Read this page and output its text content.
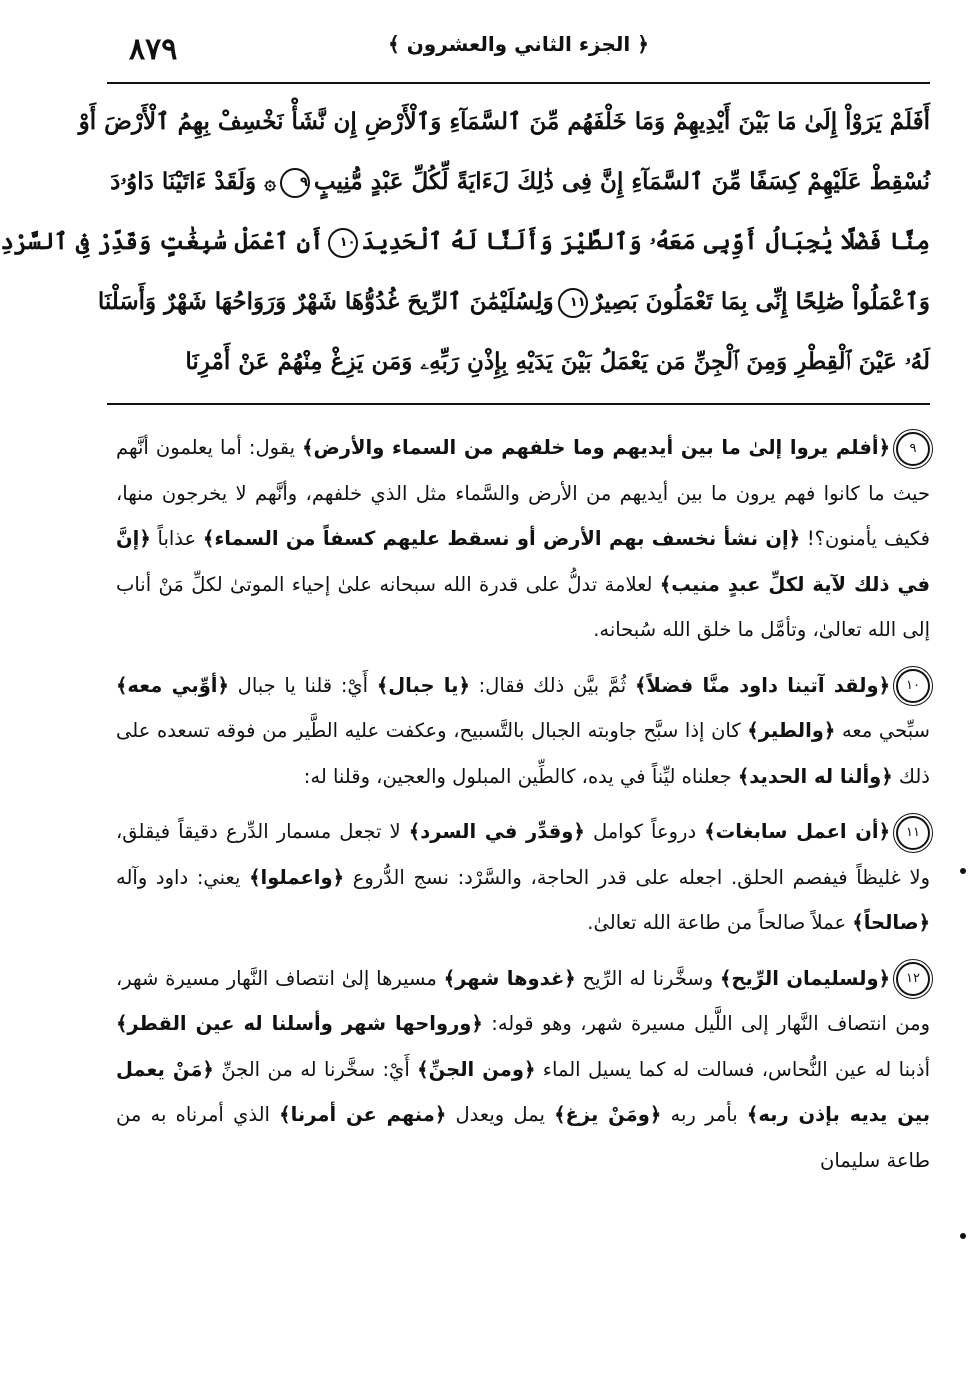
٨٧٩	﴿ الجزء الثاني والعشرون ﴾
أَفَلَمْ يَرَوْاْ إِلَىٰ مَا بَيْنَ أَيْدِيهِمْ وَمَا خَلْفَهُم مِّنَ ٱلسَّمَآءِ وَٱلْأَرْضِ إِن نَّشَأْ نَخْسِفْ بِهِمُ ٱلْأَرْضَ أَوْ
نُسْقِطْ عَلَيْهِمْ كِسَفًا مِّنَ ٱلسَّمَآءِ إِنَّ فِى ذَٰلِكَ لَءَايَةً لِّكُلِّ عَبْدٍ مُّنِيبٍ٩۞ وَلَقَدْ ءَاتَيْنَا دَاوُۥدَ
مِنَّا فَضْلًا يَٰجِبَالُ أَوِّبِى مَعَهُۥ وَٱلطَّيْرَ وَأَلَنَّا لَهُ ٱلْحَدِيدَ١٠أَنِ ٱعْمَلْ سَٰبِغَٰتٍ وَقَدِّرْ فِى ٱلسَّرْدِ
وَٱعْمَلُواْ صَٰلِحًا إِنِّى بِمَا تَعْمَلُونَ بَصِيرٌ١١وَلِسُلَيْمَٰنَ ٱلرِّيحَ غُدُوُّهَا شَهْرٌ وَرَوَاحُهَا شَهْرٌ وَأَسَلْنَا
لَهُۥ عَيْنَ ٱلْقِطْرِ وَمِنَ ٱلْجِنِّ مَن يَعْمَلُ بَيْنَ يَدَيْهِ بِإِذْنِ رَبِّهِۦ وَمَن يَزِغْ مِنْهُمْ عَنْ أَمْرِنَا

٩﴿أفلم يروا إلىٰ ما بين أيديهم وما خلفهم من السماء والأرض﴾ يقول: أما يعلمون أنَّهم حيث ما كانوا فهم يرون ما بين أيديهم من الأرض والسَّماء مثل الذي خلفهم، وأنَّهم لا يخرجون منها، فكيف يأمنون؟! ﴿إن نشأ نخسف بهم الأرض أو نسقط عليهم كسفاً من السماء﴾ عذاباً ﴿إنَّ في ذلك لآية لكلِّ عبدٍ منيب﴾ لعلامة تدلُّ على قدرة الله سبحانه علىٰ إحياء الموتىٰ لكلِّ مَنْ أناب إلى الله تعالىٰ، وتأمَّل ما خلق الله سُبحانه.

١٠﴿ولقد آتينا داود منَّا فضلاً﴾ ثُمَّ بيَّن ذلك فقال: ﴿يا جبال﴾ أَيْ: قلنا يا جبال ﴿أوِّبي معه﴾ سبِّحي معه ﴿والطير﴾ كان إذا سبَّح جاوبته الجبال بالتَّسبيح، وعكفت عليه الطَّير من فوقه تسعده على ذلك ﴿وألنا له الحديد﴾ جعلناه ليِّناً في يده، كالطِّين المبلول والعجين، وقلنا له:

١١﴿أن اعمل سابغات﴾ دروعاً كوامل ﴿وقدِّر في السرد﴾ لا تجعل مسمار الدِّرع دقيقاً فيقلق، ولا غليظاً فيفصم الحلق. اجعله على قدر الحاجة، والسَّرْد: نسج الدُّروع ﴿واعملوا﴾ يعني: داود وآله ﴿صالحاً﴾ عملاً صالحاً من طاعة الله تعالىٰ.

١٢﴿ولسليمان الرِّيح﴾ وسخَّرنا له الرِّيح ﴿غدوها شهر﴾ مسيرها إلىٰ انتصاف النَّهار مسيرة شهر، ومن انتصاف النَّهار إلى اللَّيل مسيرة شهر، وهو قوله: ﴿ورواحها شهر وأسلنا له عين القطر﴾ أذبنا له عين النُّحاس، فسالت له كما يسيل الماء ﴿ومن الجنِّ﴾ أَيْ: سخَّرنا له من الجنِّ ﴿مَنْ يعمل بين يديه بإذن ربه﴾ بأمر ربه ﴿ومَنْ يزغ﴾ يمل ويعدل ﴿منهم عن أمرنا﴾ الذي أمرناه به من طاعة سليمان
